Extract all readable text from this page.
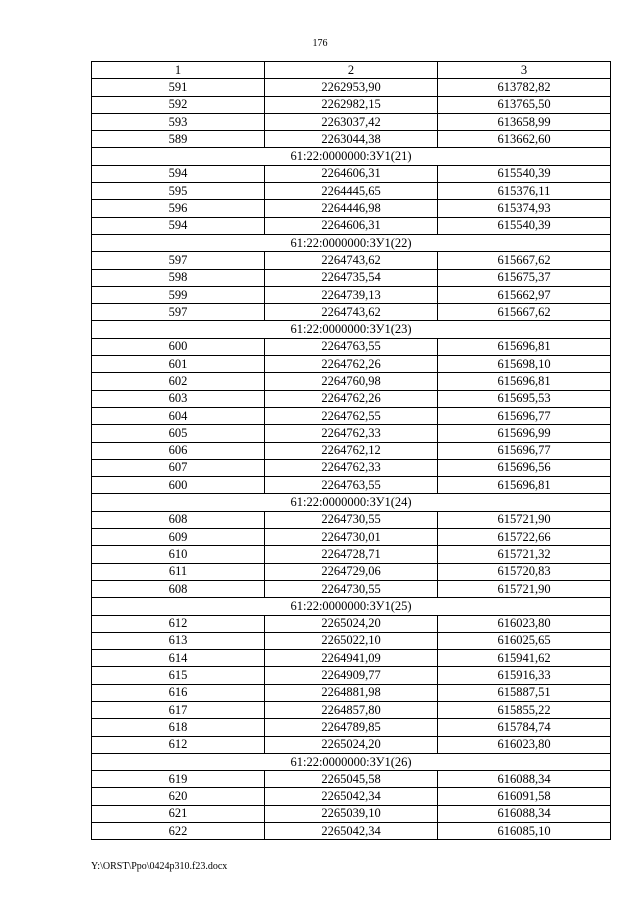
176
1	2	3
591	2262953,90	613782,82
592	2262982,15	613765,50
593	2263037,42	613658,99
589	2263044,38	613662,60
61:22:0000000:ЗУ1(21)		
594	2264606,31	615540,39
595	2264445,65	615376,11
596	2264446,98	615374,93
594	2264606,31	615540,39
61:22:0000000:ЗУ1(22)		
597	2264743,62	615667,62
598	2264735,54	615675,37
599	2264739,13	615662,97
597	2264743,62	615667,62
61:22:0000000:ЗУ1(23)		
600	2264763,55	615696,81
601	2264762,26	615698,10
602	2264760,98	615696,81
603	2264762,26	615695,53
604	2264762,55	615696,77
605	2264762,33	615696,99
606	2264762,12	615696,77
607	2264762,33	615696,56
600	2264763,55	615696,81
61:22:0000000:ЗУ1(24)		
608	2264730,55	615721,90
609	2264730,01	615722,66
610	2264728,71	615721,32
611	2264729,06	615720,83
608	2264730,55	615721,90
61:22:0000000:ЗУ1(25)		
612	2265024,20	616023,80
613	2265022,10	616025,65
614	2264941,09	615941,62
615	2264909,77	615916,33
616	2264881,98	615887,51
617	2264857,80	615855,22
618	2264789,85	615784,74
612	2265024,20	616023,80
61:22:0000000:ЗУ1(26)		
619	2265045,58	616088,34
620	2265042,34	616091,58
621	2265039,10	616088,34
622	2265042,34	616085,10
Y:\ORST\Ppo\0424p310.f23.docx
